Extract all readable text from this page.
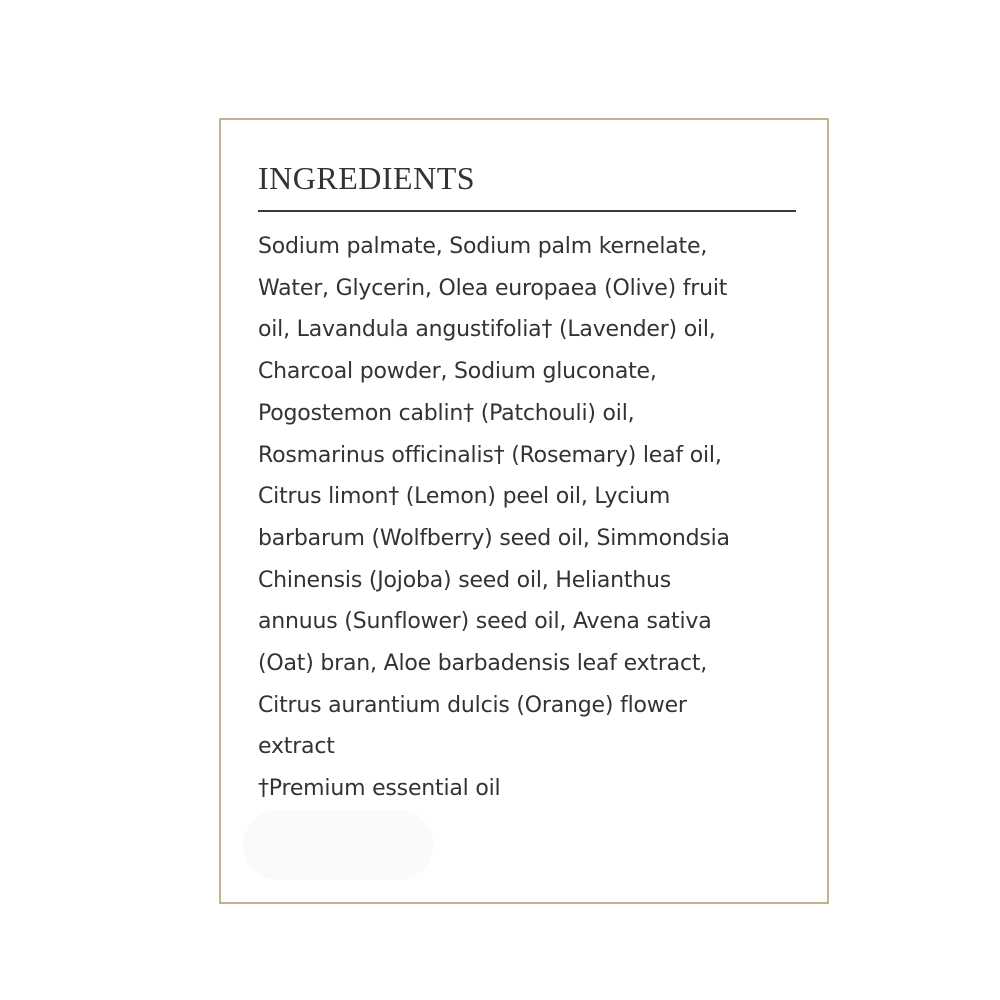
INGREDIENTS

Sodium palmate, Sodium palm kernelate,
Water, Glycerin, Olea europaea (Olive) fruit
oil, Lavandula angustifolia† (Lavender) oil,
Charcoal powder, Sodium gluconate,
Pogostemon cablin† (Patchouli) oil,
Rosmarinus officinalis† (Rosemary) leaf oil,
Citrus limon† (Lemon) peel oil, Lycium
barbarum (Wolfberry) seed oil, Simmondsia
Chinensis (Jojoba) seed oil, Helianthus
annuus (Sunflower) seed oil, Avena sativa
(Oat) bran, Aloe barbadensis leaf extract,
Citrus aurantium dulcis (Orange) flower
extract
†Premium essential oil
